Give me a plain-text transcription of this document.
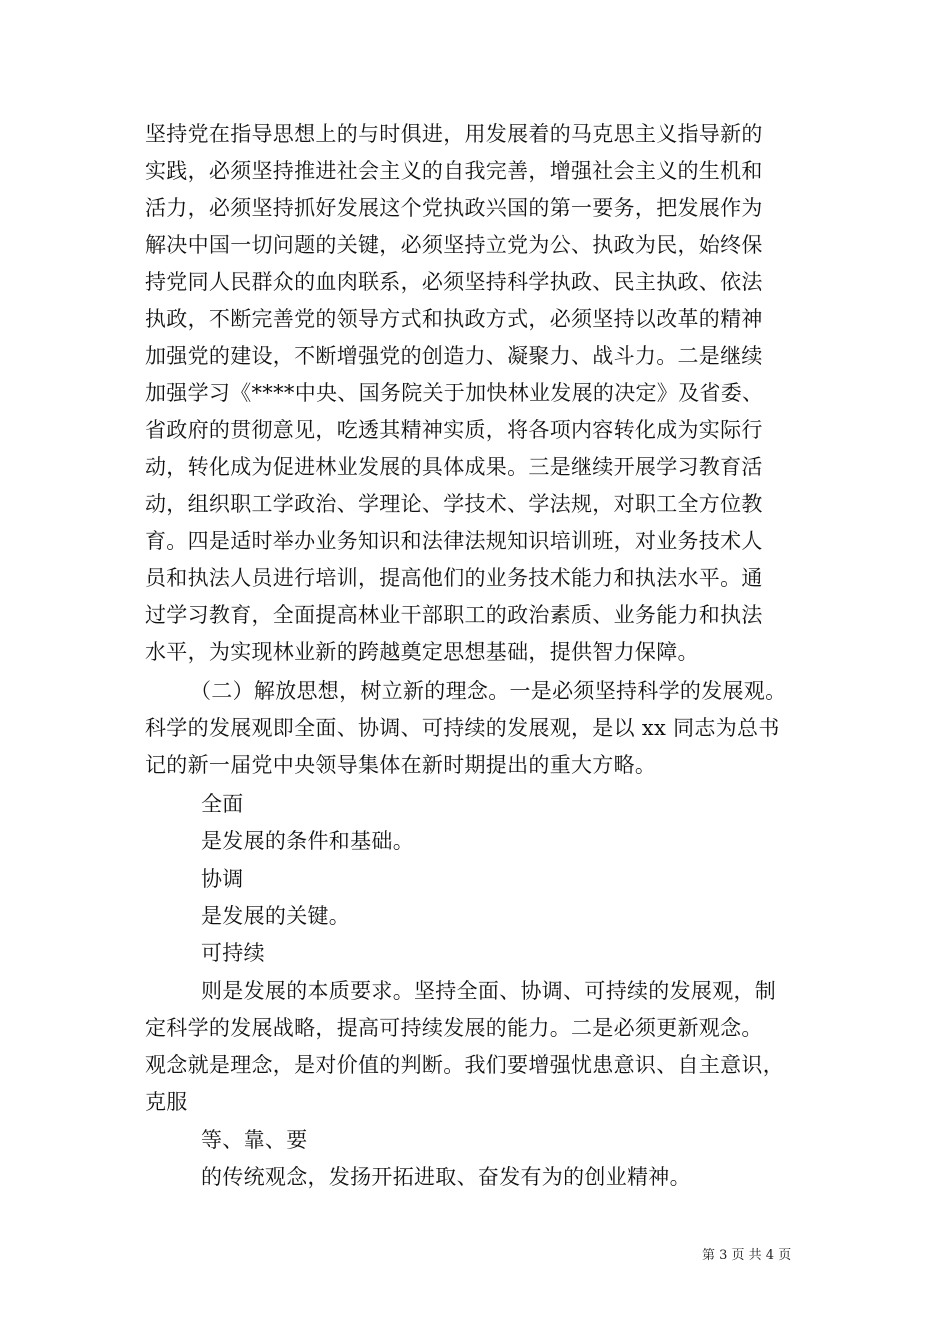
坚持党在指导思想上的与时俱进，用发展着的马克思主义指导新的
实践，必须坚持推进社会主义的自我完善，增强社会主义的生机和
活力，必须坚持抓好发展这个党执政兴国的第一要务，把发展作为
解决中国一切问题的关键，必须坚持立党为公、执政为民，始终保
持党同人民群众的血肉联系，必须坚持科学执政、民主执政、依法
执政，不断完善党的领导方式和执政方式，必须坚持以改革的精神
加强党的建设，不断增强党的创造力、凝聚力、战斗力。二是继续
加强学习《****中央、国务院关于加快林业发展的决定》及省委、
省政府的贯彻意见，吃透其精神实质，将各项内容转化成为实际行
动，转化成为促进林业发展的具体成果。三是继续开展学习教育活
动，组织职工学政治、学理论、学技术、学法规，对职工全方位教
育。四是适时举办业务知识和法律法规知识培训班，对业务技术人
员和执法人员进行培训，提高他们的业务技术能力和执法水平。通
过学习教育，全面提高林业干部职工的政治素质、业务能力和执法
水平，为实现林业新的跨越奠定思想基础，提供智力保障。
（二）解放思想，树立新的理念。一是必须坚持科学的发展观。
科学的发展观即全面、协调、可持续的发展观，是以 xx 同志为总书
记的新一届党中央领导集体在新时期提出的重大方略。
全面
是发展的条件和基础。
协调
是发展的关键。
可持续
则是发展的本质要求。坚持全面、协调、可持续的发展观，制
定科学的发展战略，提高可持续发展的能力。二是必须更新观念。
观念就是理念，是对价值的判断。我们要增强忧患意识、自主意识，
克服
等、靠、要
的传统观念，发扬开拓进取、奋发有为的创业精神。
第 3 页 共 4 页
